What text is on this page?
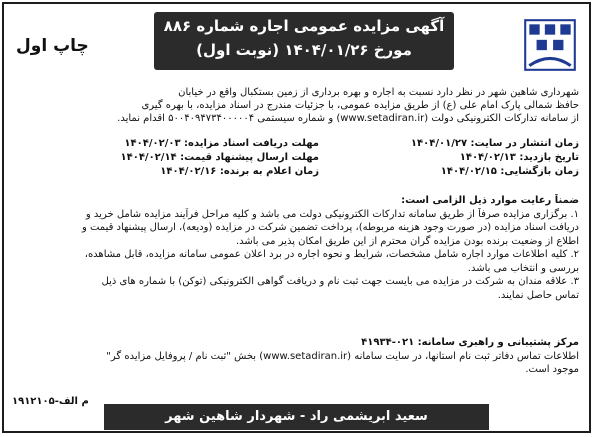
آگهی مزایده عمومی اجاره شماره ۸۸۶
مورخ ۱۴۰۴/۰۱/۲۶ (نوبت اول)
چاپ اول
شهرداری شاهین شهر در نظر دارد نسبت به اجاره و بهره برداری از زمین بستکبال واقع در خیابان
حافظ شمالی پارک امام علی (ع) از طریق مزایده عمومی، با جزئیات مندرج در اسناد مزایده، با بهره گیری
از سامانه تدارکات الکترونیکی دولت (www.setadiran.ir) و شماره سیستمی ۵۰۰۴۰۹۴۷۳۴۰۰۰۰۰۴ اقدام نماید.
زمان انتشار در سایت: ۱۴۰۴/۰۱/۲۷
تاریخ بازدید: ۱۴۰۴/۰۲/۱۳
زمان بازگشایی: ۱۴۰۴/۰۲/۱۵
مهلت دریافت اسناد مزایده: ۱۴۰۴/۰۲/۰۳
مهلت ارسال پیشنهاد قیمت: ۱۴۰۴/۰۲/۱۴
زمان اعلام به برنده: ۱۴۰۴/۰۲/۱۶
ضمناً رعایت موارد ذیل الزامی است:
۱. برگزاری مزایده صرفاً از طریق سامانه تدارکات الکترونیکی دولت می باشد و کلیه مراحل فرآیند مزایده شامل خرید و
دریافت اسناد مزایده (در صورت وجود هزینه مربوطه)، پرداخت تضمین شرکت در مزایده (ودیعه)، ارسال پیشنهاد قیمت و
اطلاع از وضعیت برنده بودن مزایده گران محترم از این طریق امکان پذیر می باشد.
۲. کلیه اطلاعات موارد اجاره شامل مشخصات، شرایط و نحوه اجاره در برد اعلان عمومی سامانه مزایده، قابل مشاهده،
بررسی و انتخاب می باشد.
۳. علاقه مندان به شرکت در مزایده می بایست جهت ثبت نام و دریافت گواهی الکترونیکی (توکن) با شماره های ذیل
تماس حاصل نمایند.
مرکز پشتیبانی و راهبری سامانه: ۰۲۱-۴۱۹۳۴
اطلاعات تماس دفاتر ثبت نام استانها، در سایت سامانه (www.setadiran.ir) بخش "ثبت نام / پروفایل مزایده گر"
موجود است.
م الف-۱۹۱۲۱۰۵
سعید ابریشمی راد - شهردار شاهین شهر
